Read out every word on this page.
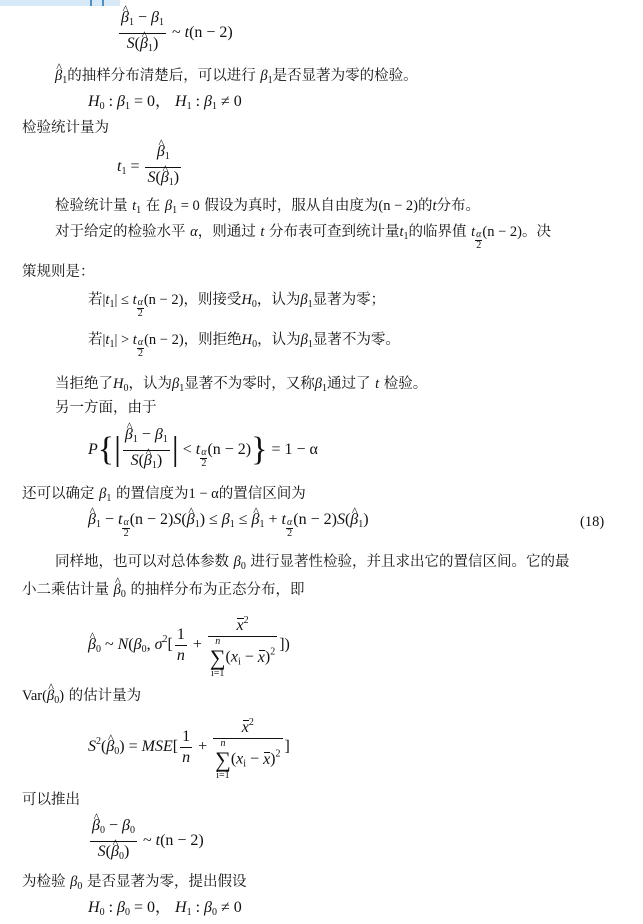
^ $\frac{\beta_1 - \beta_1}{S(\^{} \beta_1)}$ ~ t(n − 2)
^ $\beta_1$的抽样分布清楚后，可以进行 $\beta_1$是否显著为零的检验。
$H_0$ : $\beta_1 = 0$， $H_1$ : $\beta_1 \ne 0$
检验统计量为
$t_1$ = ^ $\frac{\beta_1}{S(\^{} \beta_1)}$
检验统计量 $t_1$ 在 $\beta_1 = 0$ 假设为真时，服从自由度为(n − 2)的t分布。
对于给定的检验水平 α，则通过 t 分布表可查到统计量$t_1$的临界值 t $\frac{\alpha}{2} (n - 2)$。决
策规则是：
若$|t_1| \le t \frac{\alpha}{2} (n - 2)$，则接受$H_0$，认为$\beta_1$显著为零；
若$|t_1| > t \frac{\alpha}{2} (n - 2)$，则拒绝$H_0$，认为$\beta_1$显著不为零。
当拒绝了$H_0$，认为$\beta_1$显著不为零时，又称$\beta_1$通过了 t 检验。
另一方面，由于
P{| ^ $\frac{\beta_1 - \beta_1}{S(\^{} \beta_1)}$ | < t $\frac{\alpha}{2} (n - 2)\} = 1 - \alpha$
还可以确定 $\beta_1$ 的置信度为1 − α的置信区间为
^ $\beta_1 - t \frac{\alpha}{2} (n$ − 2)S(^ $\beta_1) \le \beta_1$ ≤ ^ $\beta_1 + t \frac{\alpha}{2} (n$ − 2)S(^ $\beta_1$)	(18)
同样地，也可以对总体参数 $\beta_0$ 进行显著性检验，并且求出它的置信区间。它的最
小二乘估计量 ^ $\beta_0$ 的抽样分布为正态分布，即
^ $\beta_0$ ~ $N(\beta_0$, $\sigma^2[ \frac{1}{n} + x^2$
n
∑
$i=1(x_i - x)^2$ ])
Var(^ $\beta_0$) 的估计量为
$S^2(\^{}$ $\beta_0) = MSE[ \frac{1}{n} + x^2$
n
∑
$i=1(x_i - x)^2$ ]
可以推出
^ $\frac{\beta_0 - \beta_0}{S(\^{} \beta_0)}$ ~ t(n − 2)
为检验 $\beta_0$ 是否显著为零，提出假设
$H_0$ : $\beta_0 = 0$， $H_1$ : $\beta_0 \ne 0$
